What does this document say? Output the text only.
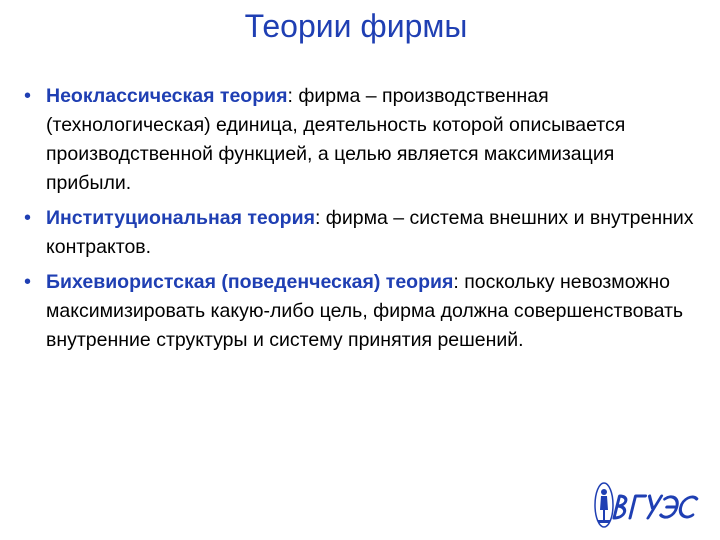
Теории фирмы
• Неоклассическая теория: фирма – производственная (технологическая) единица, деятельность которой описывается производственной функцией, а целью является максимизация прибыли.
• Институциональная теория: фирма – система внешних и внутренних контрактов.
• Бихевиористская (поведенческая) теория: поскольку невозможно максимизировать какую-либо цель, фирма должна совершенствовать внутренние структуры и систему принятия решений.
